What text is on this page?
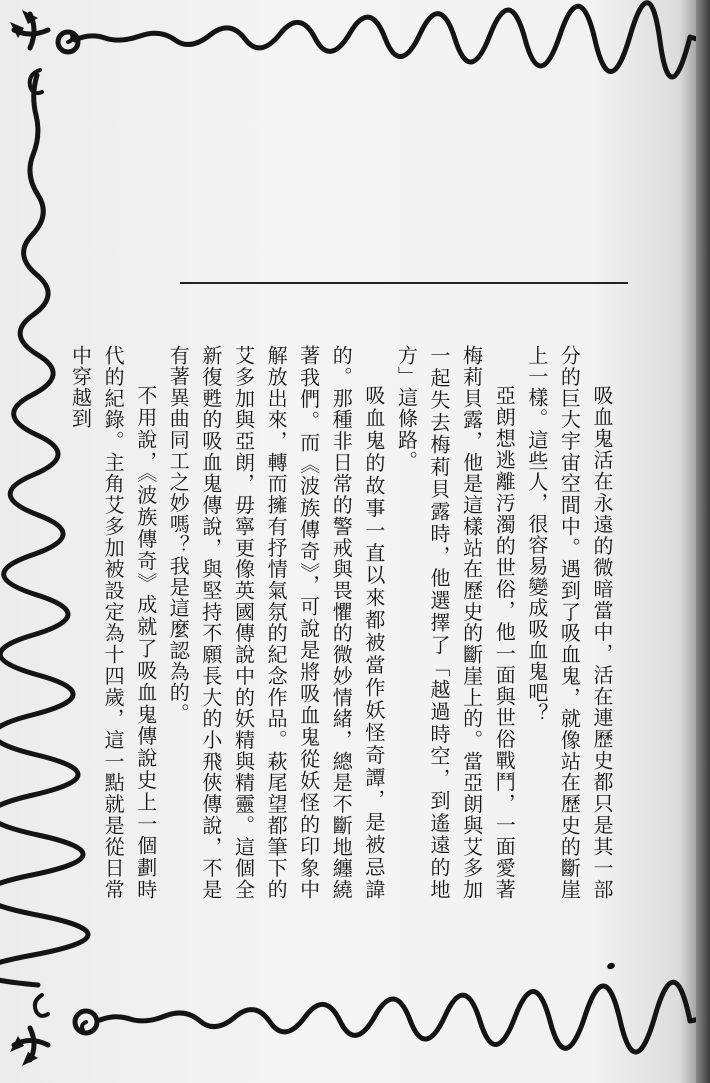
吸血鬼活在永遠的微暗當中，活在連歷史都只是其一部分的巨大宇宙空間中。遇到了吸血鬼，就像站在歷史的斷崖上一樣。這些人，很容易變成吸血鬼吧？

亞朗想逃離汚濁的世俗，他一面與世俗戰鬥，一面愛著梅莉貝露，他是這樣站在歷史的斷崖上的。當亞朗與艾多加一起失去梅莉貝露時，他選擇了「越過時空，到遙遠的地方」這條路。

吸血鬼的故事一直以來都被當作妖怪奇譚，是被忌諱的。那種非日常的警戒與畏懼的微妙情緒，總是不斷地纏繞著我們。而《波族傳奇》，可說是將吸血鬼從妖怪的印象中解放出來，轉而擁有抒情氣氛的紀念作品。萩尾望都筆下的艾多加與亞朗，毋寧更像英國傳說中的妖精與精靈。這個全新復甦的吸血鬼傳說，與堅持不願長大的小飛俠傳說，不是有著異曲同工之妙嗎？我是這麼認為的。

不用說，《波族傳奇》成就了吸血鬼傳說史上一個劃時代的紀錄。主角艾多加被設定為十四歲，這一點就是從日常中穿越到
